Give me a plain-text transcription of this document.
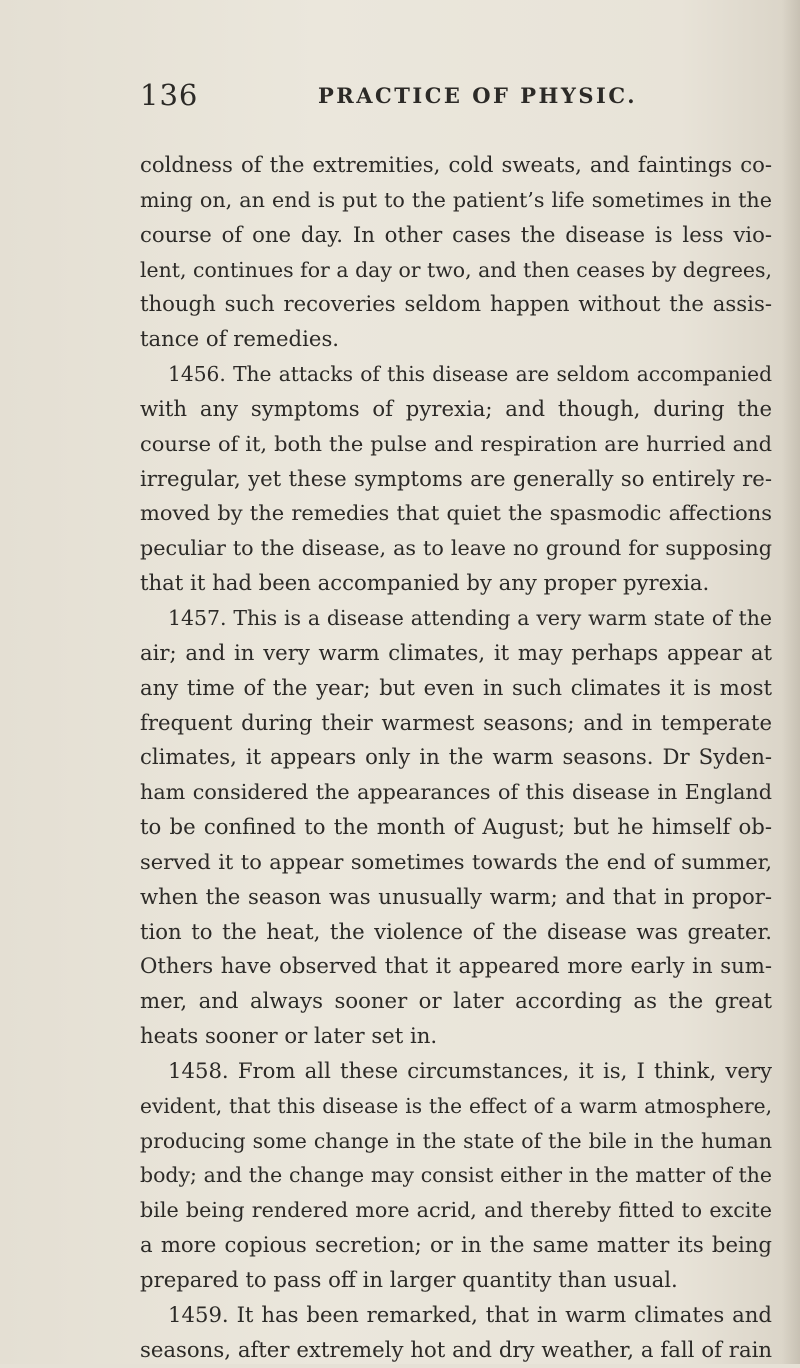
136	PRACTICE OF PHYSIC.
coldness of the extremities, cold sweats, and faintings co-
ming on, an end is put to the patient’s life sometimes in the
course of one day. In other cases the disease is less vio-
lent, continues for a day or two, and then ceases by degrees,
though such recoveries seldom happen without the assis-
tance of remedies.
1456. The attacks of this disease are seldom accompanied
with any symptoms of pyrexia; and though, during the
course of it, both the pulse and respiration are hurried and
irregular, yet these symptoms are generally so entirely re-
moved by the remedies that quiet the spasmodic affections
peculiar to the disease, as to leave no ground for supposing
that it had been accompanied by any proper pyrexia.
1457. This is a disease attending a very warm state of the
air; and in very warm climates, it may perhaps appear at
any time of the year; but even in such climates it is most
frequent during their warmest seasons; and in temperate
climates, it appears only in the warm seasons. Dr Syden-
ham considered the appearances of this disease in England
to be confined to the month of August; but he himself ob-
served it to appear sometimes towards the end of summer,
when the season was unusually warm; and that in propor-
tion to the heat, the violence of the disease was greater.
Others have observed that it appeared more early in sum-
mer, and always sooner or later according as the great
heats sooner or later set in.
1458. From all these circumstances, it is, I think, very
evident, that this disease is the effect of a warm atmosphere,
producing some change in the state of the bile in the human
body; and the change may consist either in the matter of the
bile being rendered more acrid, and thereby fitted to excite
a more copious secretion; or in the same matter its being
prepared to pass off in larger quantity than usual.
1459. It has been remarked, that in warm climates and
seasons, after extremely hot and dry weather, a fall of rain
